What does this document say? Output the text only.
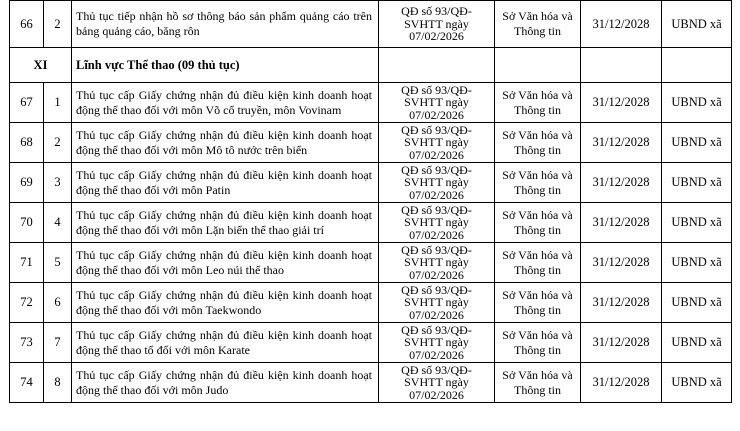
66	2	Thủ tục tiếp nhận hồ sơ thông báo sản phẩm quảng cáo trên bảng quảng cáo, băng rôn	QĐ số 93/QĐ-
SVHTT ngày
07/02/2026	Sở Văn hóa và
Thông tin	31/12/2028	UBND xã
XI		Lĩnh vực Thể thao (09 thủ tục)				
67	1	Thủ tục cấp Giấy chứng nhận đủ điều kiện kinh doanh hoạt động thể thao đối với môn Võ cổ truyền, môn Vovinam	QĐ số 93/QĐ-
SVHTT ngày
07/02/2026	Sở Văn hóa và
Thông tin	31/12/2028	UBND xã
68	2	Thủ tục cấp Giấy chứng nhận đủ điều kiện kinh doanh hoạt động thể thao đối với môn Mô tô nước trên biển	QĐ số 93/QĐ-
SVHTT ngày
07/02/2026	Sở Văn hóa và
Thông tin	31/12/2028	UBND xã
69	3	Thủ tục cấp Giấy chứng nhận đủ điều kiện kinh doanh hoạt động thể thao đối với môn Patin	QĐ số 93/QĐ-
SVHTT ngày
07/02/2026	Sở Văn hóa và
Thông tin	31/12/2028	UBND xã
70	4	Thủ tục cấp Giấy chứng nhận đủ điều kiện kinh doanh hoạt động thể thao đối với môn Lặn biển thể thao giải trí	QĐ số 93/QĐ-
SVHTT ngày
07/02/2026	Sở Văn hóa và
Thông tin	31/12/2028	UBND xã
71	5	Thủ tục cấp Giấy chứng nhận đủ điều kiện kinh doanh hoạt động thể thao đối với môn Leo núi thể thao	QĐ số 93/QĐ-
SVHTT ngày
07/02/2026	Sở Văn hóa và
Thông tin	31/12/2028	UBND xã
72	6	Thủ tục cấp Giấy chứng nhận đủ điều kiện kinh doanh hoạt động thể thao đối với môn Taekwondo	QĐ số 93/QĐ-
SVHTT ngày
07/02/2026	Sở Văn hóa và
Thông tin	31/12/2028	UBND xã
73	7	Thủ tục cấp Giấy chứng nhận đủ điều kiện kinh doanh hoạt động thể thao tổ đối với môn Karate	QĐ số 93/QĐ-
SVHTT ngày
07/02/2026	Sở Văn hóa và
Thông tin	31/12/2028	UBND xã
74	8	Thủ tục cấp Giấy chứng nhận đủ điều kiện kinh doanh hoạt động thể thao đối với môn Judo	QĐ số 93/QĐ-
SVHTT ngày
07/02/2026	Sở Văn hóa và
Thông tin	31/12/2028	UBND xã
